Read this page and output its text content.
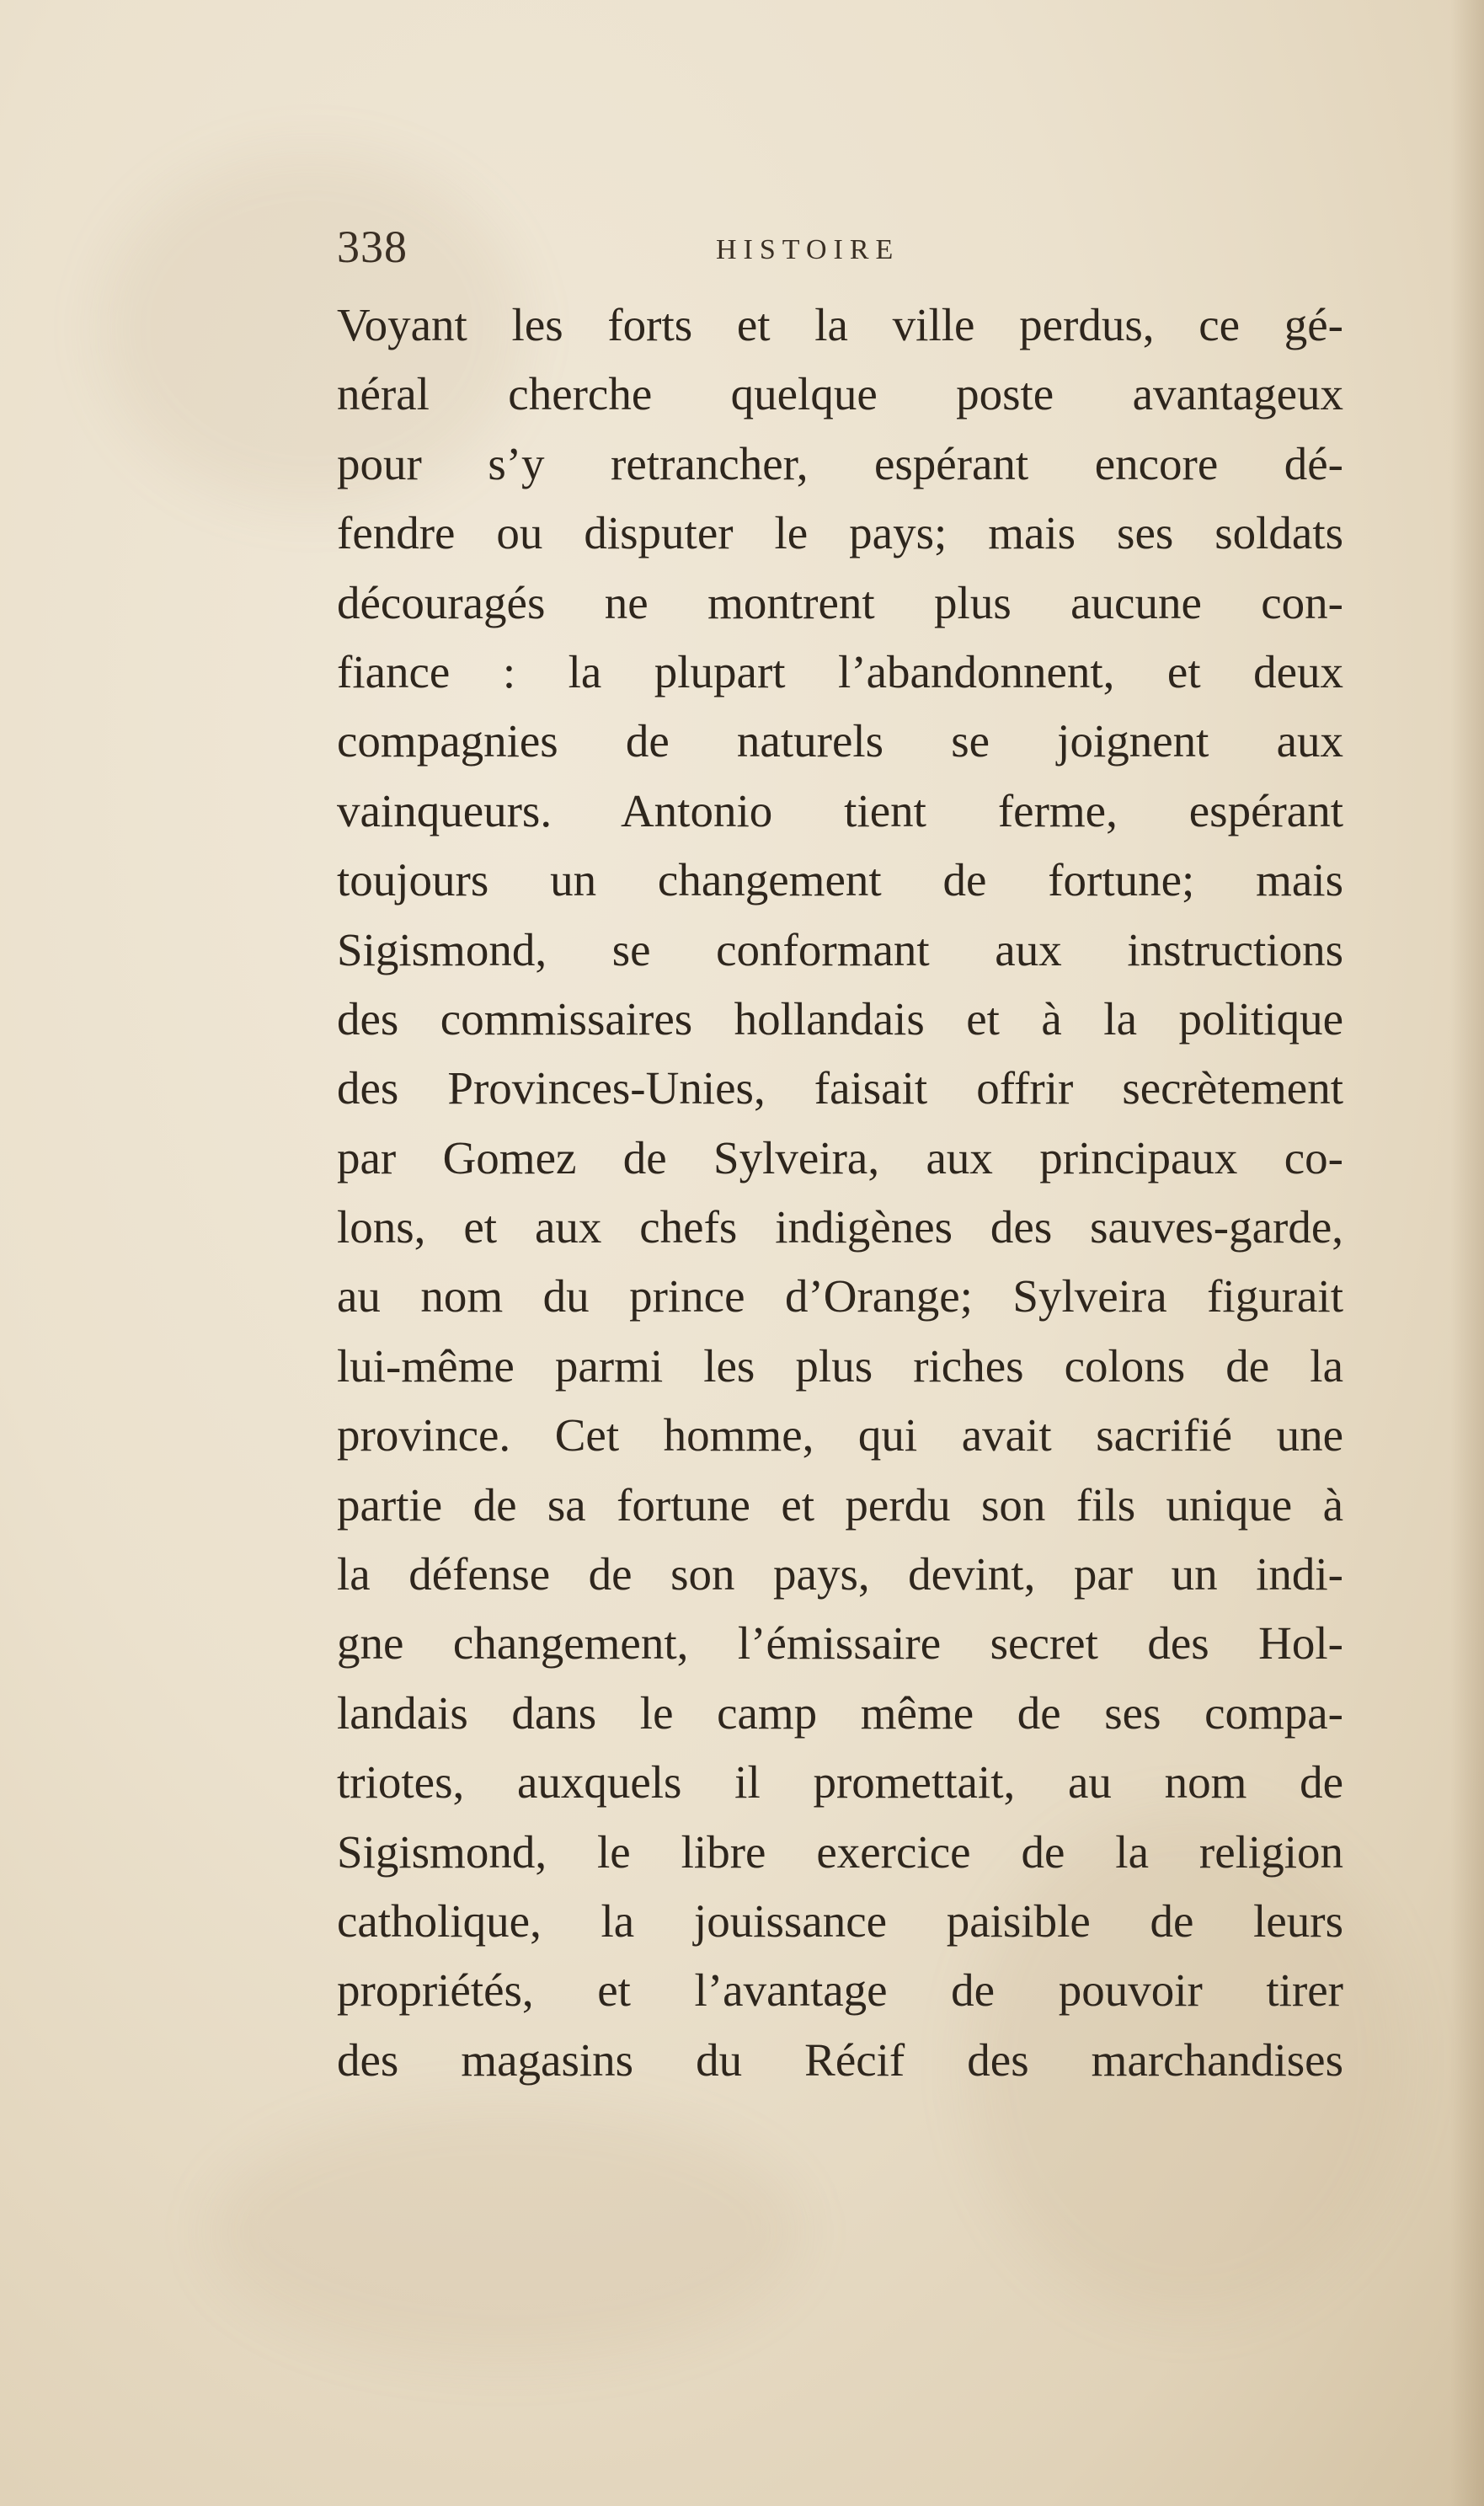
338	HISTOIRE
Voyant les forts et la ville perdus, ce gé-
néral cherche quelque poste avantageux
pour s’y retrancher, espérant encore dé-
fendre ou disputer le pays; mais ses soldats
découragés ne montrent plus aucune con-
fiance : la plupart l’abandonnent, et deux
compagnies de naturels se joignent aux
vainqueurs. Antonio tient ferme, espérant
toujours un changement de fortune; mais
Sigismond, se conformant aux instructions
des commissaires hollandais et à la politique
des Provinces-Unies, faisait offrir secrètement
par Gomez de Sylveira, aux principaux co-
lons, et aux chefs indigènes des sauves-garde,
au nom du prince d’Orange; Sylveira figurait
lui-même parmi les plus riches colons de la
province. Cet homme, qui avait sacrifié une
partie de sa fortune et perdu son fils unique à
la défense de son pays, devint, par un indi-
gne changement, l’émissaire secret des Hol-
landais dans le camp même de ses compa-
triotes, auxquels il promettait, au nom de
Sigismond, le libre exercice de la religion
catholique, la jouissance paisible de leurs
propriétés, et l’avantage de pouvoir tirer
des magasins du Récif des marchandises
